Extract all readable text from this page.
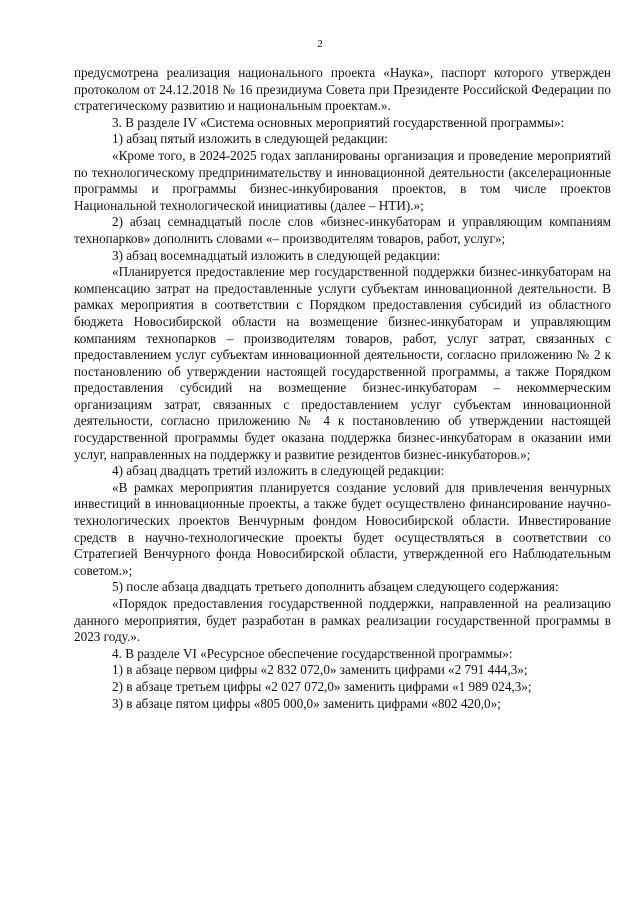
2

предусмотрена реализация национального проекта «Наука», паспорт которого утвержден протоколом от 24.12.2018 № 16 президиума Совета при Президенте Российской Федерации по стратегическому развитию и национальным проектам.».

3. В разделе IV «Система основных мероприятий государственной программы»:

1) абзац пятый изложить в следующей редакции:

«Кроме того, в 2024-2025 годах запланированы организация и проведение мероприятий по технологическому предпринимательству и инновационной деятельности (акселерационные программы и программы бизнес-инкубирования проектов, в том числе проектов Национальной технологической инициативы (далее – НТИ).»;

2) абзац семнадцатый после слов «бизнес-инкубаторам и управляющим компаниям технопарков» дополнить словами «– производителям товаров, работ, услуг»;

3) абзац восемнадцатый изложить в следующей редакции:

«Планируется предоставление мер государственной поддержки бизнес-инкубаторам на компенсацию затрат на предоставленные услуги субъектам инновационной деятельности. В рамках мероприятия в соответствии с Порядком предоставления субсидий из областного бюджета Новосибирской области на возмещение бизнес-инкубаторам и управляющим компаниям технопарков – производителям товаров, работ, услуг затрат, связанных с предоставлением услуг субъектам инновационной деятельности, согласно приложению № 2 к постановлению об утверждении настоящей государственной программы, а также Порядком предоставления субсидий на возмещение бизнес-инкубаторам – некоммерческим организациям затрат, связанных с предоставлением услуг субъектам инновационной деятельности, согласно приложению № 4 к постановлению об утверждении настоящей государственной программы будет оказана поддержка бизнес-инкубаторам в оказании ими услуг, направленных на поддержку и развитие резидентов бизнес-инкубаторов.»;

4) абзац двадцать третий изложить в следующей редакции:

«В рамках мероприятия планируется создание условий для привлечения венчурных инвестиций в инновационные проекты, а также будет осуществлено финансирование научно-технологических проектов Венчурным фондом Новосибирской области. Инвестирование средств в научно-технологические проекты будет осуществляться в соответствии со Стратегией Венчурного фонда Новосибирской области, утвержденной его Наблюдательным советом.»;

5) после абзаца двадцать третьего дополнить абзацем следующего содержания:

«Порядок предоставления государственной поддержки, направленной на реализацию данного мероприятия, будет разработан в рамках реализации государственной программы в 2023 году.».

4. В разделе VI «Ресурсное обеспечение государственной программы»:

1) в абзаце первом цифры «2 832 072,0» заменить цифрами «2 791 444,3»;

2) в абзаце третьем цифры «2 027 072,0» заменить цифрами «1 989 024,3»;

3) в абзаце пятом цифры «805 000,0» заменить цифрами «802 420,0»;
